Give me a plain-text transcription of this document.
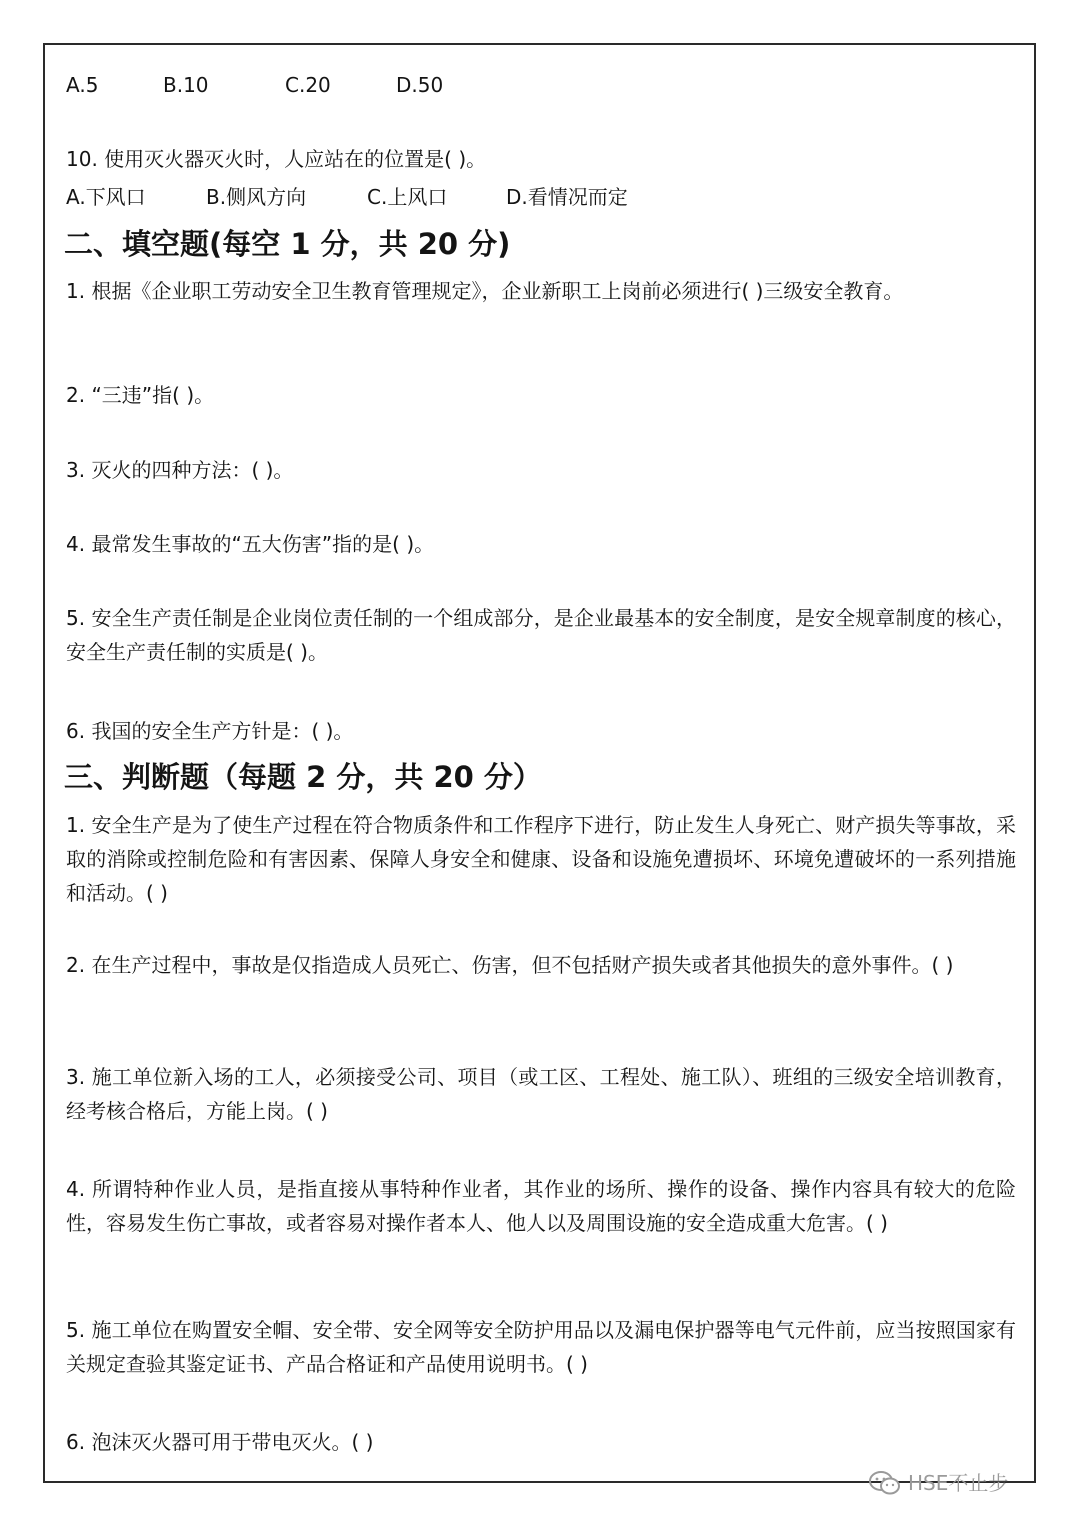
A.5	B.10	C.20	D.50
10. 使用灭火器灭火时，人应站在的位置是( )。
A.下风口	B.侧风方向	C.上风口	D.看情况而定
二、填空题(每空 1 分，共 20 分)
1. 根据《企业职工劳动安全卫生教育管理规定》，企业新职工上岗前必须进行( )三级安全教育。
2. “三违”指( )。
3. 灭火的四种方法：( )。
4. 最常发生事故的“五大伤害”指的是( )。
5. 安全生产责任制是企业岗位责任制的一个组成部分，是企业最基本的安全制度，是安全规章制度的核心，安全生产责任制的实质是( )。
6. 我国的安全生产方针是：( )。
三、判断题（每题 2 分，共 20 分）
1. 安全生产是为了使生产过程在符合物质条件和工作程序下进行，防止发生人身死亡、财产损失等事故，采取的消除或控制危险和有害因素、保障人身安全和健康、设备和设施免遭损坏、环境免遭破坏的一系列措施和活动。( )
2. 在生产过程中，事故是仅指造成人员死亡、伤害，但不包括财产损失或者其他损失的意外事件。( )
3. 施工单位新入场的工人，必须接受公司、项目（或工区、工程处、施工队）、班组的三级安全培训教育，经考核合格后，方能上岗。( )
4. 所谓特种作业人员，是指直接从事特种作业者，其作业的场所、操作的设备、操作内容具有较大的危险性，容易发生伤亡事故，或者容易对操作者本人、他人以及周围设施的安全造成重大危害。( )
5. 施工单位在购置安全帽、安全带、安全网等安全防护用品以及漏电保护器等电气元件前，应当按照国家有关规定查验其鉴定证书、产品合格证和产品使用说明书。( )
6. 泡沫灭火器可用于带电灭火。( )
HSE不止步
